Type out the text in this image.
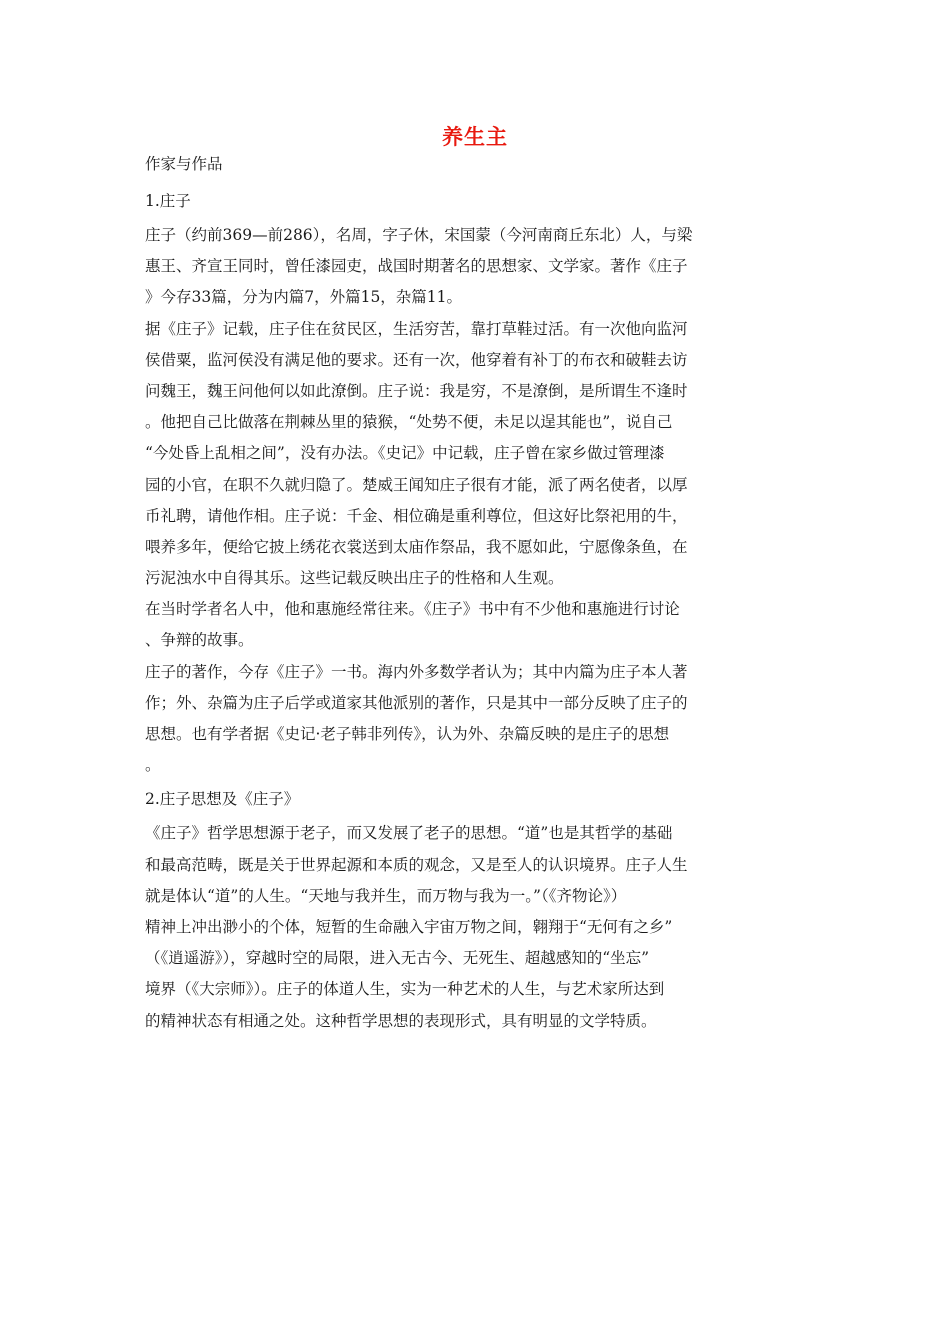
养生主
作家与作品
1.庄子
庄子（约前369—前286），名周，字子休，宋国蒙（今河南商丘东北）人，与梁
惠王、齐宣王同时，曾任漆园吏，战国时期著名的思想家、文学家。著作《庄子
》今存33篇，分为内篇7，外篇15，杂篇11。
据《庄子》记载，庄子住在贫民区，生活穷苦，靠打草鞋过活。有一次他向监河
侯借粟，监河侯没有满足他的要求。还有一次，他穿着有补丁的布衣和破鞋去访
问魏王，魏王问他何以如此潦倒。庄子说：我是穷，不是潦倒，是所谓生不逢时
。他把自己比做落在荆棘丛里的猿猴，“处势不便，未足以逞其能也”，说自己
“今处昏上乱相之间”，没有办法。《史记》中记载，庄子曾在家乡做过管理漆
园的小官，在职不久就归隐了。楚威王闻知庄子很有才能，派了两名使者，以厚
币礼聘，请他作相。庄子说：千金、相位确是重利尊位，但这好比祭祀用的牛，
喂养多年，便给它披上绣花衣裳送到太庙作祭品，我不愿如此，宁愿像条鱼，在
污泥浊水中自得其乐。这些记载反映出庄子的性格和人生观。
在当时学者名人中，他和惠施经常往来。《庄子》书中有不少他和惠施进行讨论
、争辩的故事。
庄子的著作，今存《庄子》一书。海内外多数学者认为；其中内篇为庄子本人著
作；外、杂篇为庄子后学或道家其他派别的著作，只是其中一部分反映了庄子的
思想。也有学者据《史记·老子韩非列传》，认为外、杂篇反映的是庄子的思想
。
2.庄子思想及《庄子》
《庄子》哲学思想源于老子，而又发展了老子的思想。“道”也是其哲学的基础
和最高范畴，既是关于世界起源和本质的观念，又是至人的认识境界。庄子人生
就是体认“道”的人生。“天地与我并生，而万物与我为一。”（《齐物论》）
精神上冲出渺小的个体，短暂的生命融入宇宙万物之间，翱翔于“无何有之乡”
（《逍遥游》），穿越时空的局限，进入无古今、无死生、超越感知的“坐忘”
境界（《大宗师》）。庄子的体道人生，实为一种艺术的人生，与艺术家所达到
的精神状态有相通之处。这种哲学思想的表现形式，具有明显的文学特质。
